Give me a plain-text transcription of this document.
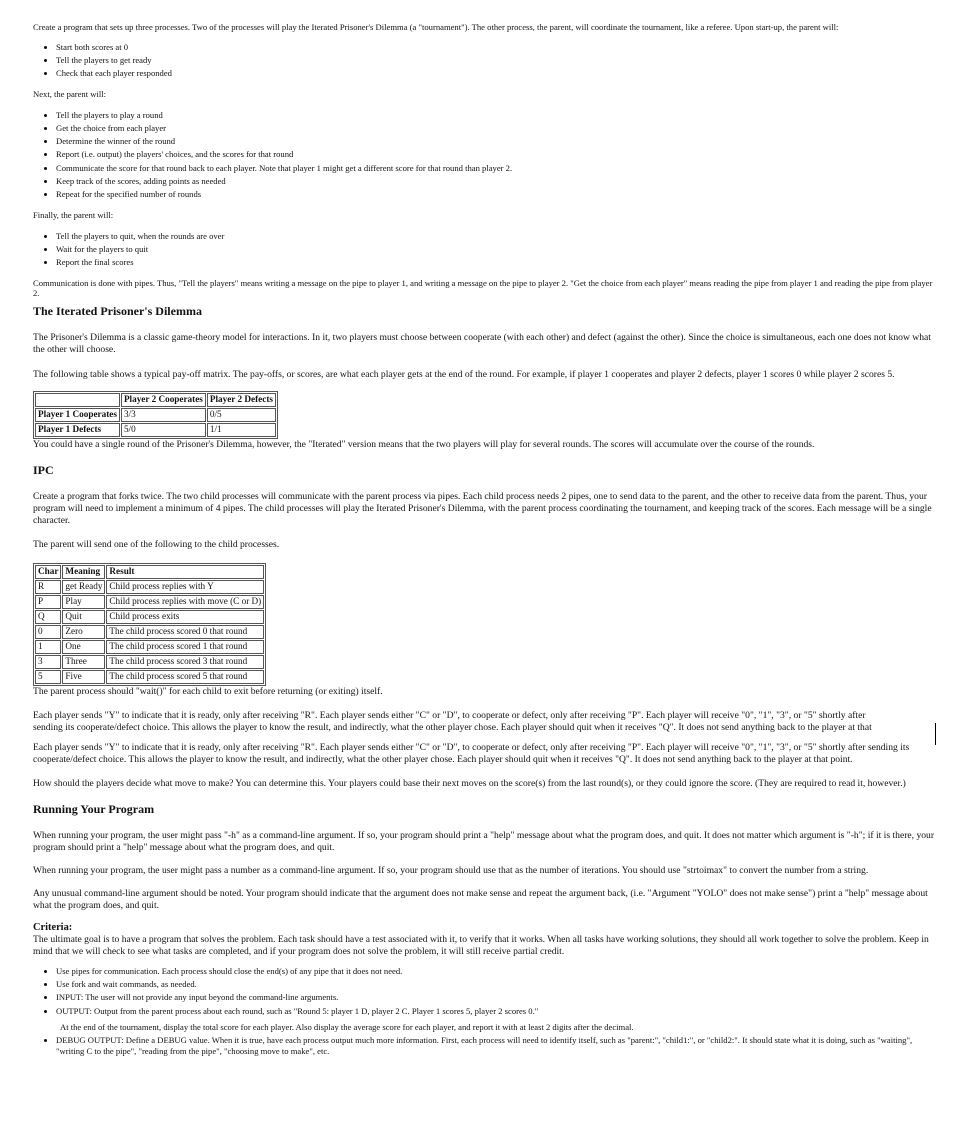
Create a program that sets up three processes. Two of the processes will play the Iterated Prisoner's Dilemma (a "tournament"). The other process, the parent, will coordinate the tournament, like a referee. Upon start-up, the parent will:

• Start both scores at 0
• Tell the players to get ready
• Check that each player responded

Next, the parent will:

• Tell the players to play a round
• Get the choice from each player
• Determine the winner of the round
• Report (i.e. output) the players' choices, and the scores for that round
• Communicate the score for that round back to each player. Note that player 1 might get a different score for that round than player 2.
• Keep track of the scores, adding points as needed
• Repeat for the specified number of rounds

Finally, the parent will:

• Tell the players to quit, when the rounds are over
• Wait for the players to quit
• Report the final scores

Communication is done with pipes. Thus, "Tell the players" means writing a message on the pipe to player 1, and writing a message on the pipe to player 2. "Get the choice from each player" means reading the pipe from player 1 and reading the pipe from player 2.

The Iterated Prisoner's Dilemma

The Prisoner's Dilemma is a classic game-theory model for interactions. In it, two players must choose between cooperate (with each other) and defect (against the other). Since the choice is simultaneous, each one does not know what the other will choose.

The following table shows a typical pay-off matrix. The pay-offs, or scores, are what each player gets at the end of the round. For example, if player 1 cooperates and player 2 defects, player 1 scores 0 while player 2 scores 5.

	Player 2 Cooperates	Player 2 Defects
Player 1 Cooperates	3/3	0/5
Player 1 Defects	5/0	1/1

You could have a single round of the Prisoner's Dilemma, however, the "Iterated" version means that the two players will play for several rounds. The scores will accumulate over the course of the rounds.

IPC

Create a program that forks twice. The two child processes will communicate with the parent process via pipes. Each child process needs 2 pipes, one to send data to the parent, and the other to receive data from the parent. Thus, your program will need to implement a minimum of 4 pipes. The child processes will play the Iterated Prisoner's Dilemma, with the parent process coordinating the tournament, and keeping track of the scores. Each message will be a single character.

The parent will send one of the following to the child processes.

Char	Meaning	Result
R	get Ready	Child process replies with Y
P	Play	Child process replies with move (C or D)
Q	Quit	Child process exits
0	Zero	The child process scored 0 that round
1	One	The child process scored 1 that round
3	Three	The child process scored 3 that round
5	Five	The child process scored 5 that round

The parent process should "wait()" for each child to exit before returning (or exiting) itself.

Each player sends "Y" to indicate that it is ready, only after receiving "R". Each player sends either "C" or "D", to cooperate or defect, only after receiving "P". Each player will receive "0", "1", "3", or "5" shortly after
sending its cooperate/defect choice. This allows the player to know the result, and indirectly, what the other player chose. Each player should quit when it receives "Q". It does not send anything back to the player at that

Each player sends "Y" to indicate that it is ready, only after receiving "R". Each player sends either "C" or "D", to cooperate or defect, only after receiving "P". Each player will receive "0", "1", "3", or "5" shortly after sending its cooperate/defect choice. This allows the player to know the result, and indirectly, what the other player chose. Each player should quit when it receives "Q". It does not send anything back to the player at that point.

How should the players decide what move to make? You can determine this. Your players could base their next moves on the score(s) from the last round(s), or they could ignore the score. (They are required to read it, however.)

Running Your Program

When running your program, the user might pass "-h" as a command-line argument. If so, your program should print a "help" message about what the program does, and quit. It does not matter which argument is "-h"; if it is there, your program should print a "help" message about what the program does, and quit.

When running your program, the user might pass a number as a command-line argument. If so, your program should use that as the number of iterations. You should use "strtoimax" to convert the number from a string.

Any unusual command-line argument should be noted. Your program should indicate that the argument does not make sense and repeat the argument back, (i.e. "Argument "YOLO" does not make sense") print a "help" message about what the program does, and quit.

Criteria:

The ultimate goal is to have a program that solves the problem. Each task should have a test associated with it, to verify that it works. When all tasks have working solutions, they should all work together to solve the problem. Keep in mind that we will check to see what tasks are completed, and if your program does not solve the problem, it will still receive partial credit.

• Use pipes for communication. Each process should close the end(s) of any pipe that it does not need.
• Use fork and wait commands, as needed.
• INPUT: The user will not provide any input beyond the command-line arguments.
• OUTPUT: Output from the parent process about each round, such as "Round 5: player 1 D, player 2 C. Player 1 scores 5, player 2 scores 0."

At the end of the tournament, display the total score for each player. Also display the average score for each player, and report it with at least 2 digits after the decimal.

• DEBUG OUTPUT: Define a DEBUG value. When it is true, have each process output much more information. First, each process will need to identify itself, such as "parent:", "child1:", or "child2:". It should state what it is doing, such as "waiting", "writing C to the pipe", "reading from the pipe", "choosing move to make", etc.
